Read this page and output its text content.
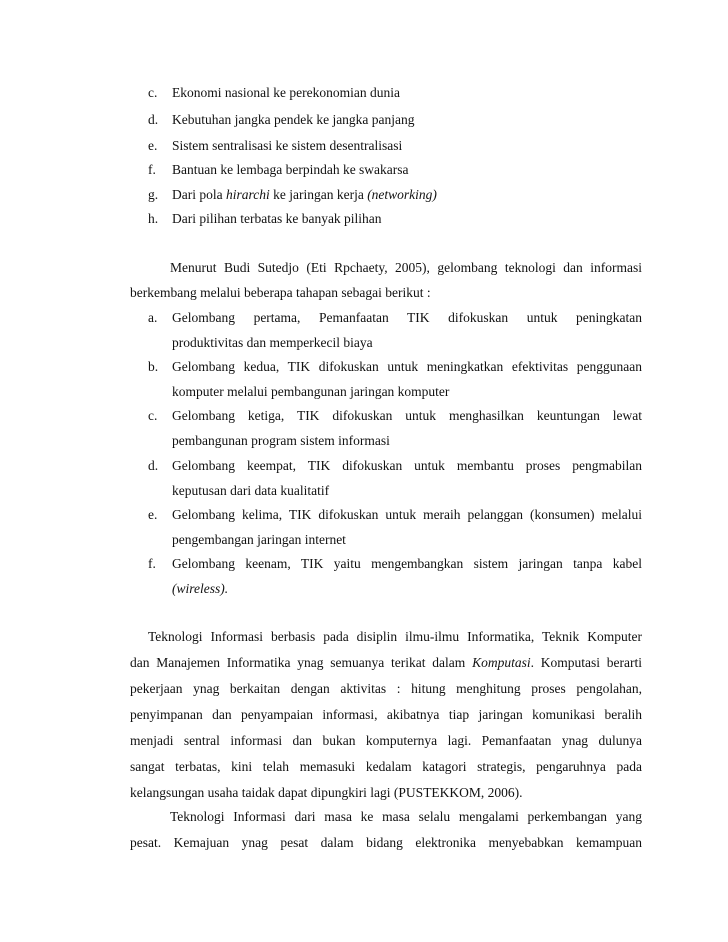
c. Ekonomi nasional ke perekonomian dunia
d. Kebutuhan jangka pendek ke jangka panjang
e. Sistem sentralisasi ke sistem desentralisasi
f. Bantuan ke lembaga berpindah ke swakarsa
g. Dari pola hirarchi ke jaringan kerja (networking)
h. Dari pilihan terbatas ke banyak pilihan
Menurut Budi Sutedjo (Eti Rpchaety, 2005), gelombang teknologi dan informasi
berkembang melalui beberapa tahapan sebagai berikut :
a. Gelombang pertama, Pemanfaatan TIK difokuskan untuk peningkatan
produktivitas dan memperkecil biaya
b. Gelombang kedua, TIK difokuskan untuk meningkatkan efektivitas penggunaan
komputer melalui pembangunan jaringan komputer
c. Gelombang ketiga, TIK difokuskan untuk menghasilkan keuntungan lewat
pembangunan program sistem informasi
d. Gelombang keempat, TIK difokuskan untuk membantu proses pengmabilan
keputusan dari data kualitatif
e. Gelombang kelima, TIK difokuskan untuk meraih pelanggan (konsumen) melalui
pengembangan jaringan internet
f. Gelombang keenam, TIK yaitu mengembangkan sistem jaringan tanpa kabel
(wireless).
Teknologi Informasi berbasis pada disiplin ilmu-ilmu Informatika, Teknik Komputer
dan Manajemen Informatika ynag semuanya terikat dalam Komputasi. Komputasi berarti
pekerjaan ynag berkaitan dengan aktivitas : hitung menghitung proses pengolahan,
penyimpanan dan penyampaian informasi, akibatnya tiap jaringan komunikasi beralih
menjadi sentral informasi dan bukan komputernya lagi. Pemanfaatan ynag dulunya
sangat terbatas, kini telah memasuki kedalam katagori strategis, pengaruhnya pada
kelangsungan usaha taidak dapat dipungkiri lagi (PUSTEKKOM, 2006).
Teknologi Informasi dari masa ke masa selalu mengalami perkembangan yang
pesat. Kemajuan ynag pesat dalam bidang elektronika menyebabkan kemampuan
